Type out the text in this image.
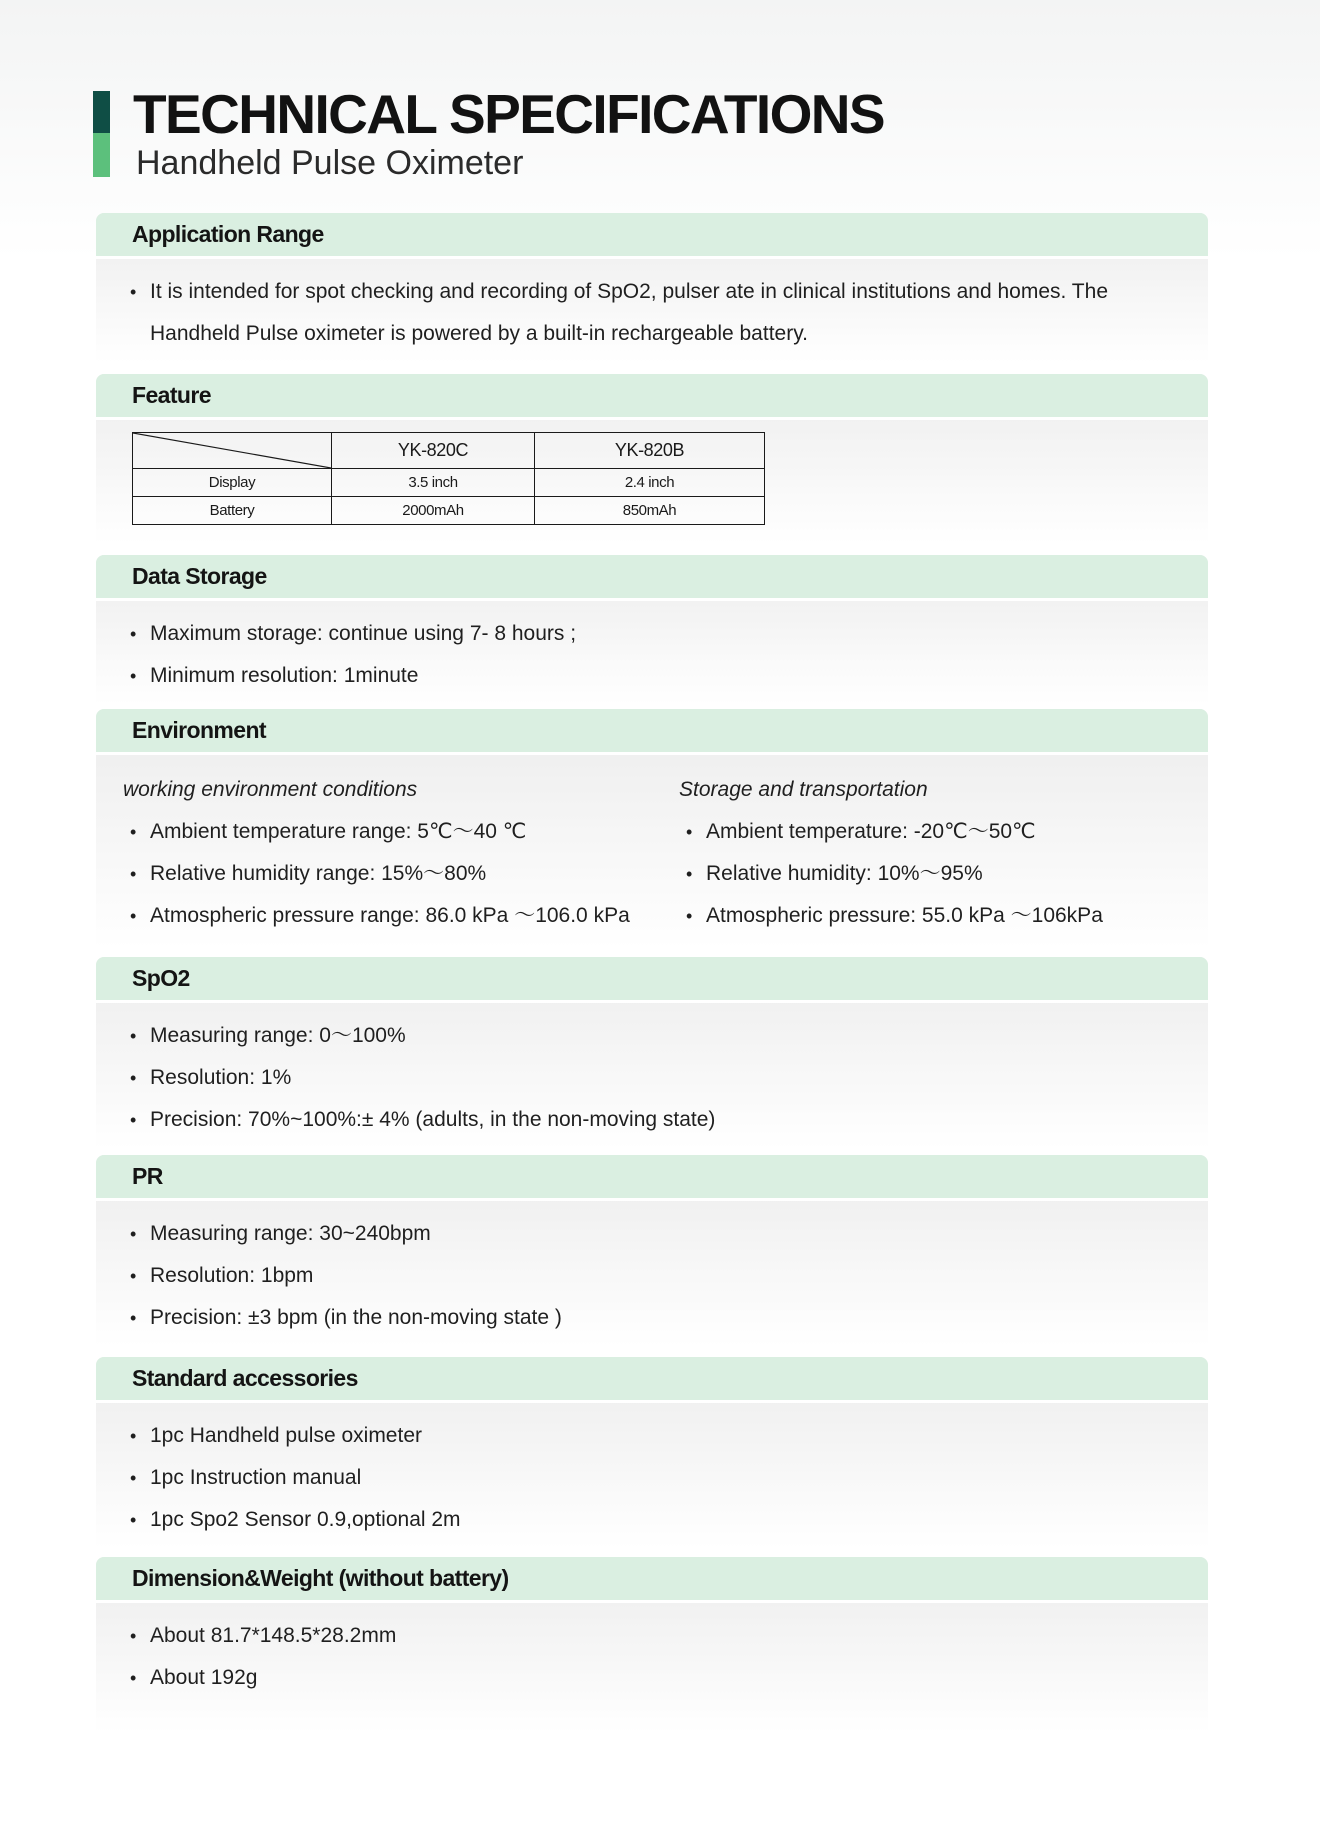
TECHNICAL SPECIFICATIONS
Handheld Pulse Oximeter
Application Range
• It is intended for spot checking and recording of SpO2, pulser ate in clinical institutions and homes. The Handheld Pulse oximeter is powered by a built-in rechargeable battery.
Feature
	YK-820C	YK-820B
Display	3.5 inch	2.4 inch
Battery	2000mAh	850mAh
Data Storage
• Maximum storage: continue using 7- 8 hours ;
• Minimum resolution: 1minute
Environment
working environment conditions
• Ambient temperature range: 5℃～40 ℃
• Relative humidity range: 15%～80%
• Atmospheric pressure range: 86.0 kPa ～106.0 kPa
Storage and transportation
• Ambient temperature: -20℃～50℃
• Relative humidity: 10%～95%
• Atmospheric pressure: 55.0 kPa ～106kPa
SpO2
• Measuring range: 0～100%
• Resolution: 1%
• Precision: 70%~100%:± 4% (adults, in the non-moving state)
PR
• Measuring range: 30~240bpm
• Resolution: 1bpm
• Precision: ±3 bpm (in the non-moving state )
Standard accessories
• 1pc Handheld pulse oximeter
• 1pc Instruction manual
• 1pc Spo2 Sensor 0.9,optional 2m
Dimension&Weight (without battery)
• About 81.7*148.5*28.2mm
• About 192g
